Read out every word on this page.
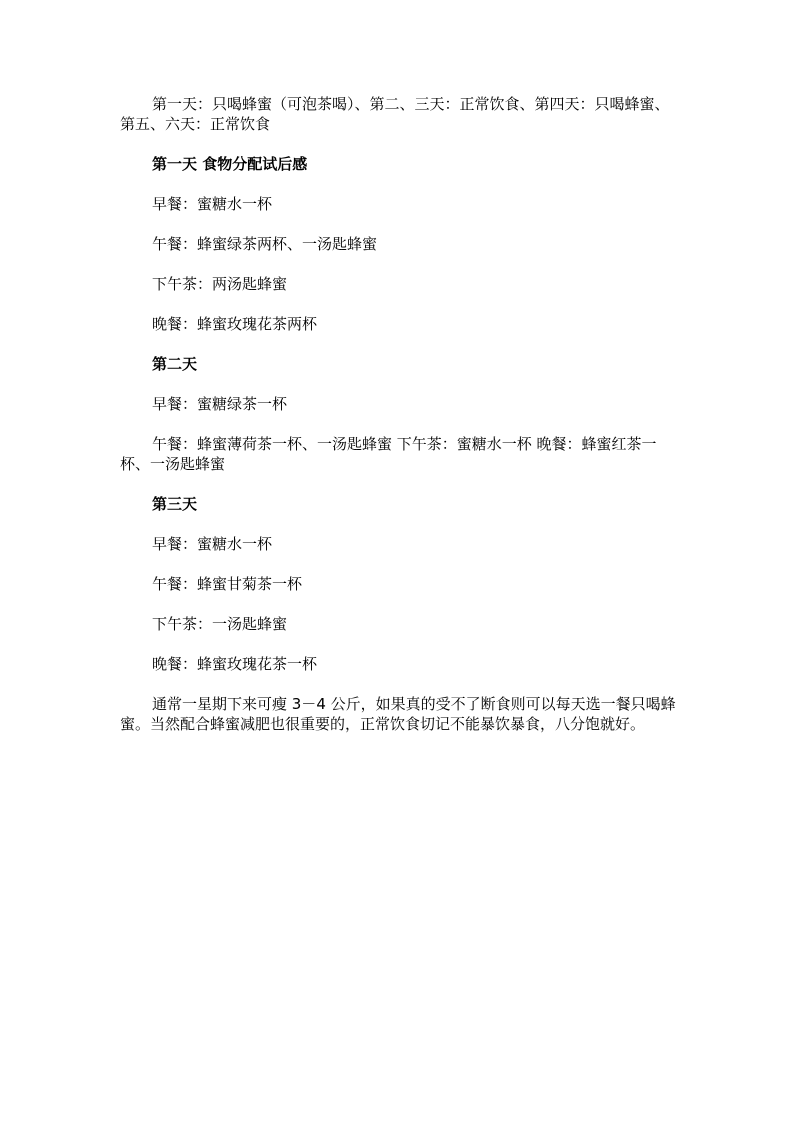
第一天：只喝蜂蜜（可泡茶喝）、第二、三天：正常饮食、第四天：只喝蜂蜜、第五、六天：正常饮食

第一天 食物分配试后感

早餐：蜜糖水一杯

午餐：蜂蜜绿茶两杯、一汤匙蜂蜜

下午茶：两汤匙蜂蜜

晚餐：蜂蜜玫瑰花茶两杯

第二天

早餐：蜜糖绿茶一杯

午餐：蜂蜜薄荷茶一杯、一汤匙蜂蜜 下午茶：蜜糖水一杯 晚餐：蜂蜜红茶一杯、一汤匙蜂蜜

第三天

早餐：蜜糖水一杯

午餐：蜂蜜甘菊茶一杯

下午茶：一汤匙蜂蜜

晚餐：蜂蜜玫瑰花茶一杯

通常一星期下来可瘦 3－4 公斤，如果真的受不了断食则可以每天选一餐只喝蜂蜜。当然配合蜂蜜减肥也很重要的，正常饮食切记不能暴饮暴食，八分饱就好。
